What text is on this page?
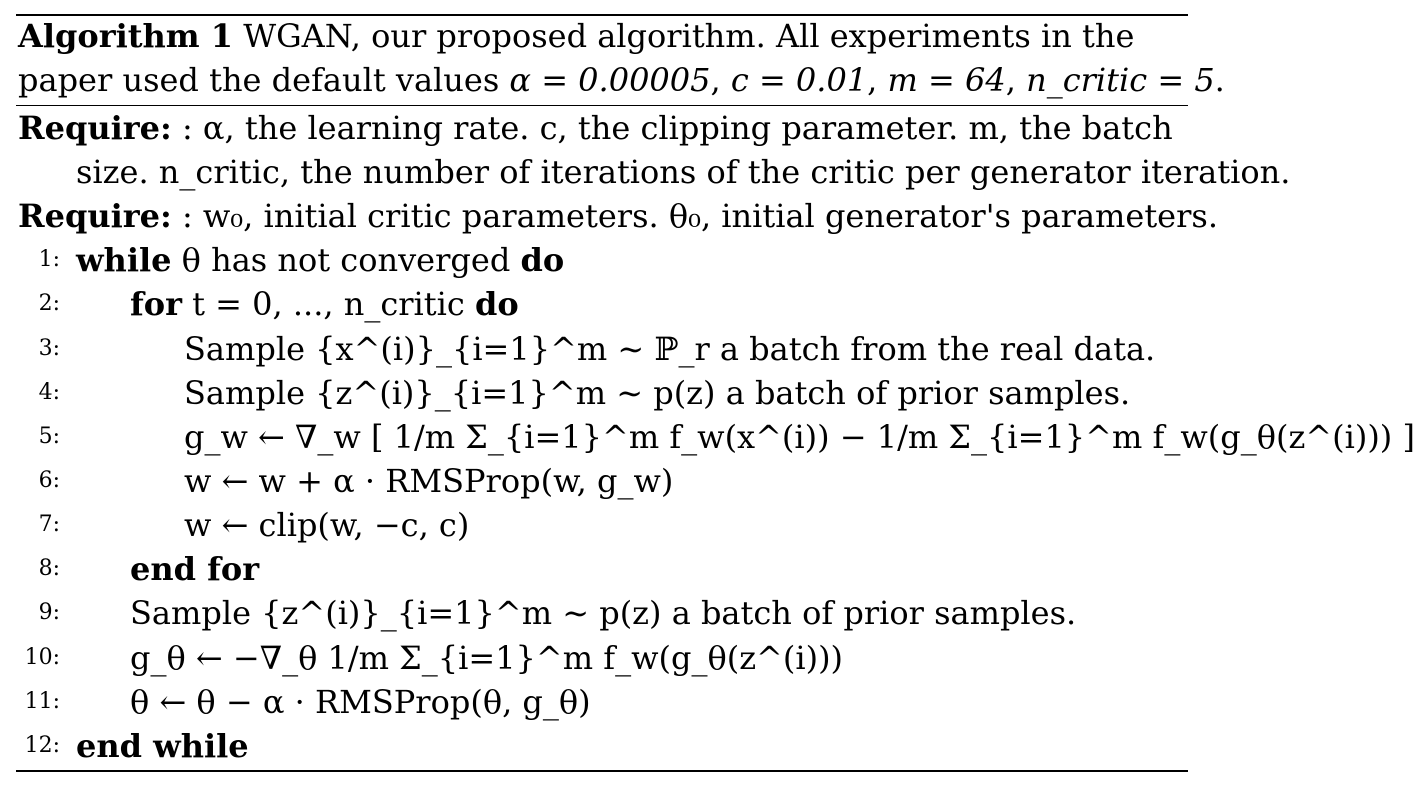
Algorithm 1 WGAN, our proposed algorithm. All experiments in the
paper used the default values α = 0.00005, c = 0.01, m = 64, n_critic = 5.
Require: : α, the learning rate. c, the clipping parameter. m, the batch
size. n_critic, the number of iterations of the critic per generator iteration.
Require: : w₀, initial critic parameters. θ₀, initial generator's parameters.
1: while θ has not converged do
2: for t = 0, ..., n_critic do
3:	Sample {x^(i)}_{i=1}^m ∼ ℙ_r a batch from the real data.
4:	Sample {z^(i)}_{i=1}^m ∼ p(z) a batch of prior samples.
5:	g_w ← ∇_w [ 1/m Σ_{i=1}^m f_w(x^(i)) − 1/m Σ_{i=1}^m f_w(g_θ(z^(i))) ]
6:	w ← w + α · RMSProp(w, g_w)
7:	w ← clip(w, −c, c)
8: end for
9: Sample {z^(i)}_{i=1}^m ∼ p(z) a batch of prior samples.
10: g_θ ← −∇_θ 1/m Σ_{i=1}^m f_w(g_θ(z^(i)))
11: θ ← θ − α · RMSProp(θ, g_θ)
12: end while
